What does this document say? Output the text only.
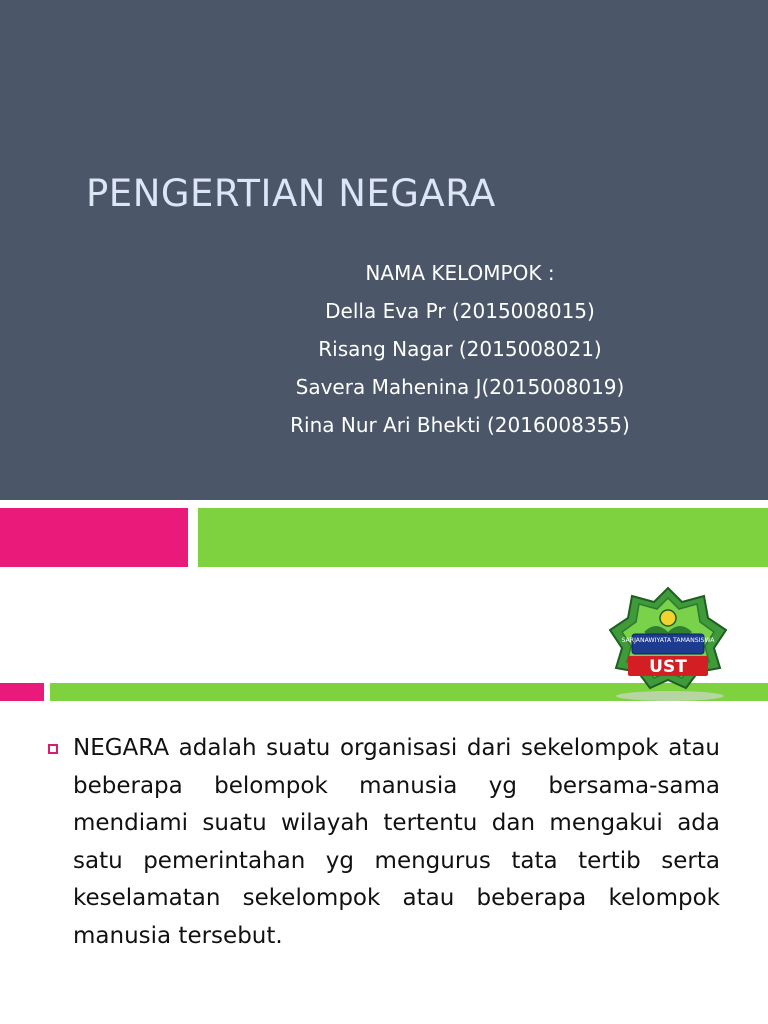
PENGERTIAN NEGARA
NAMA KELOMPOK :
Della Eva Pr (2015008015)
Risang Nagar (2015008021)
Savera Mahenina J(2015008019)
Rina Nur Ari Bhekti (2016008355)
SARJANAWIYATA TAMANSISWA
UST

NEGARA adalah suatu organisasi dari sekelompok atau beberapa belompok manusia yg bersama-sama mendiami suatu wilayah tertentu dan mengakui ada satu pemerintahan yg mengurus tata tertib serta keselamatan sekelompok atau beberapa kelompok manusia tersebut.
